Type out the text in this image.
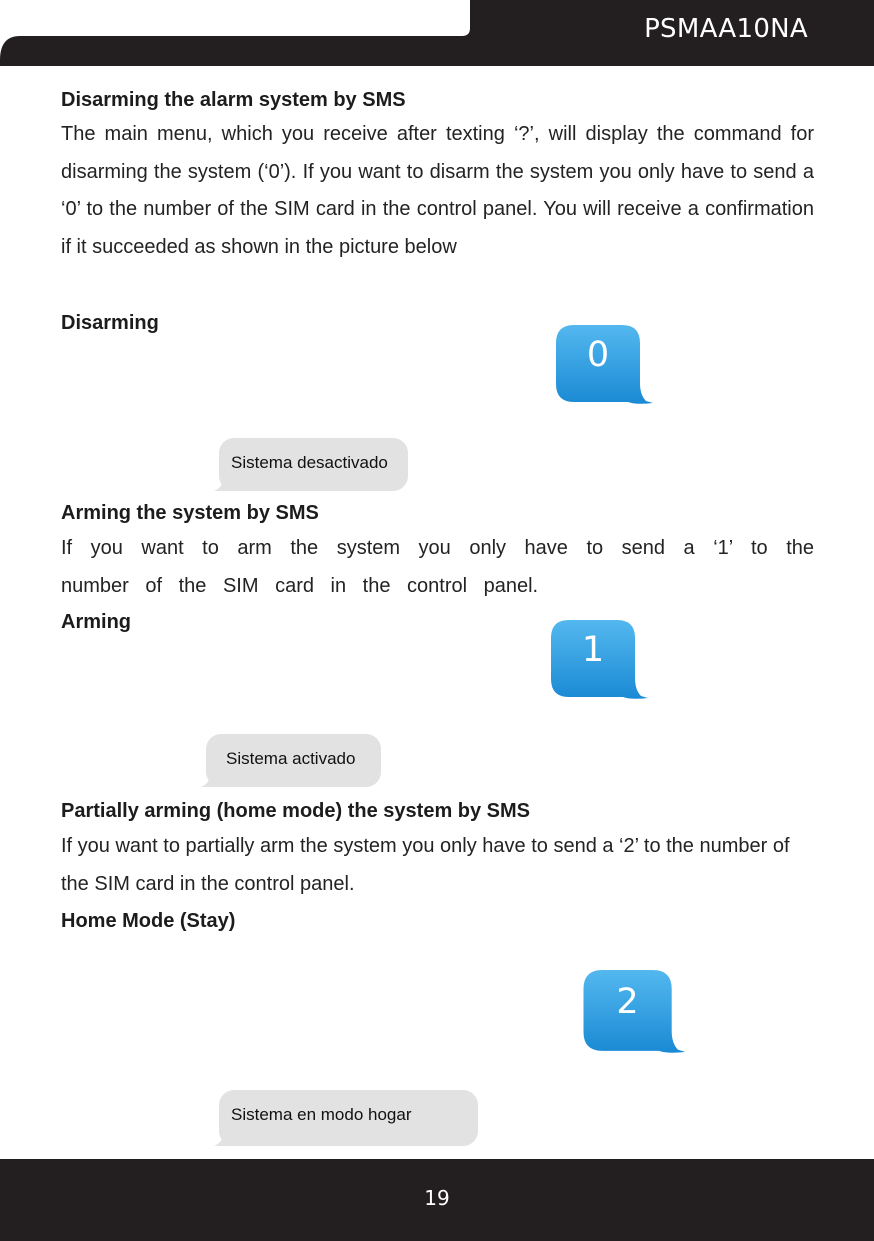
PSMAA10NA

Disarming the alarm system by SMS

The main menu, which you receive after texting ‘?’, will display the command for disarming the system (‘0’). If you want to disarm the system you only have to send a ‘0’ to the number of the SIM card in the control panel. You will receive a confirmation if it succeeded as shown in the picture below

Disarming
0
Sistema desactivado

Arming the system by SMS

If you want to arm the system you only have to send a ‘1’ to the number of the SIM card in the control panel.

Arming
1
Sistema activado

Partially arming (home mode) the system by SMS

If you want to partially arm the system you only have to send a ‘2’ to the number of the SIM card in the control panel.

Home Mode (Stay)
2
Sistema en modo hogar
19
